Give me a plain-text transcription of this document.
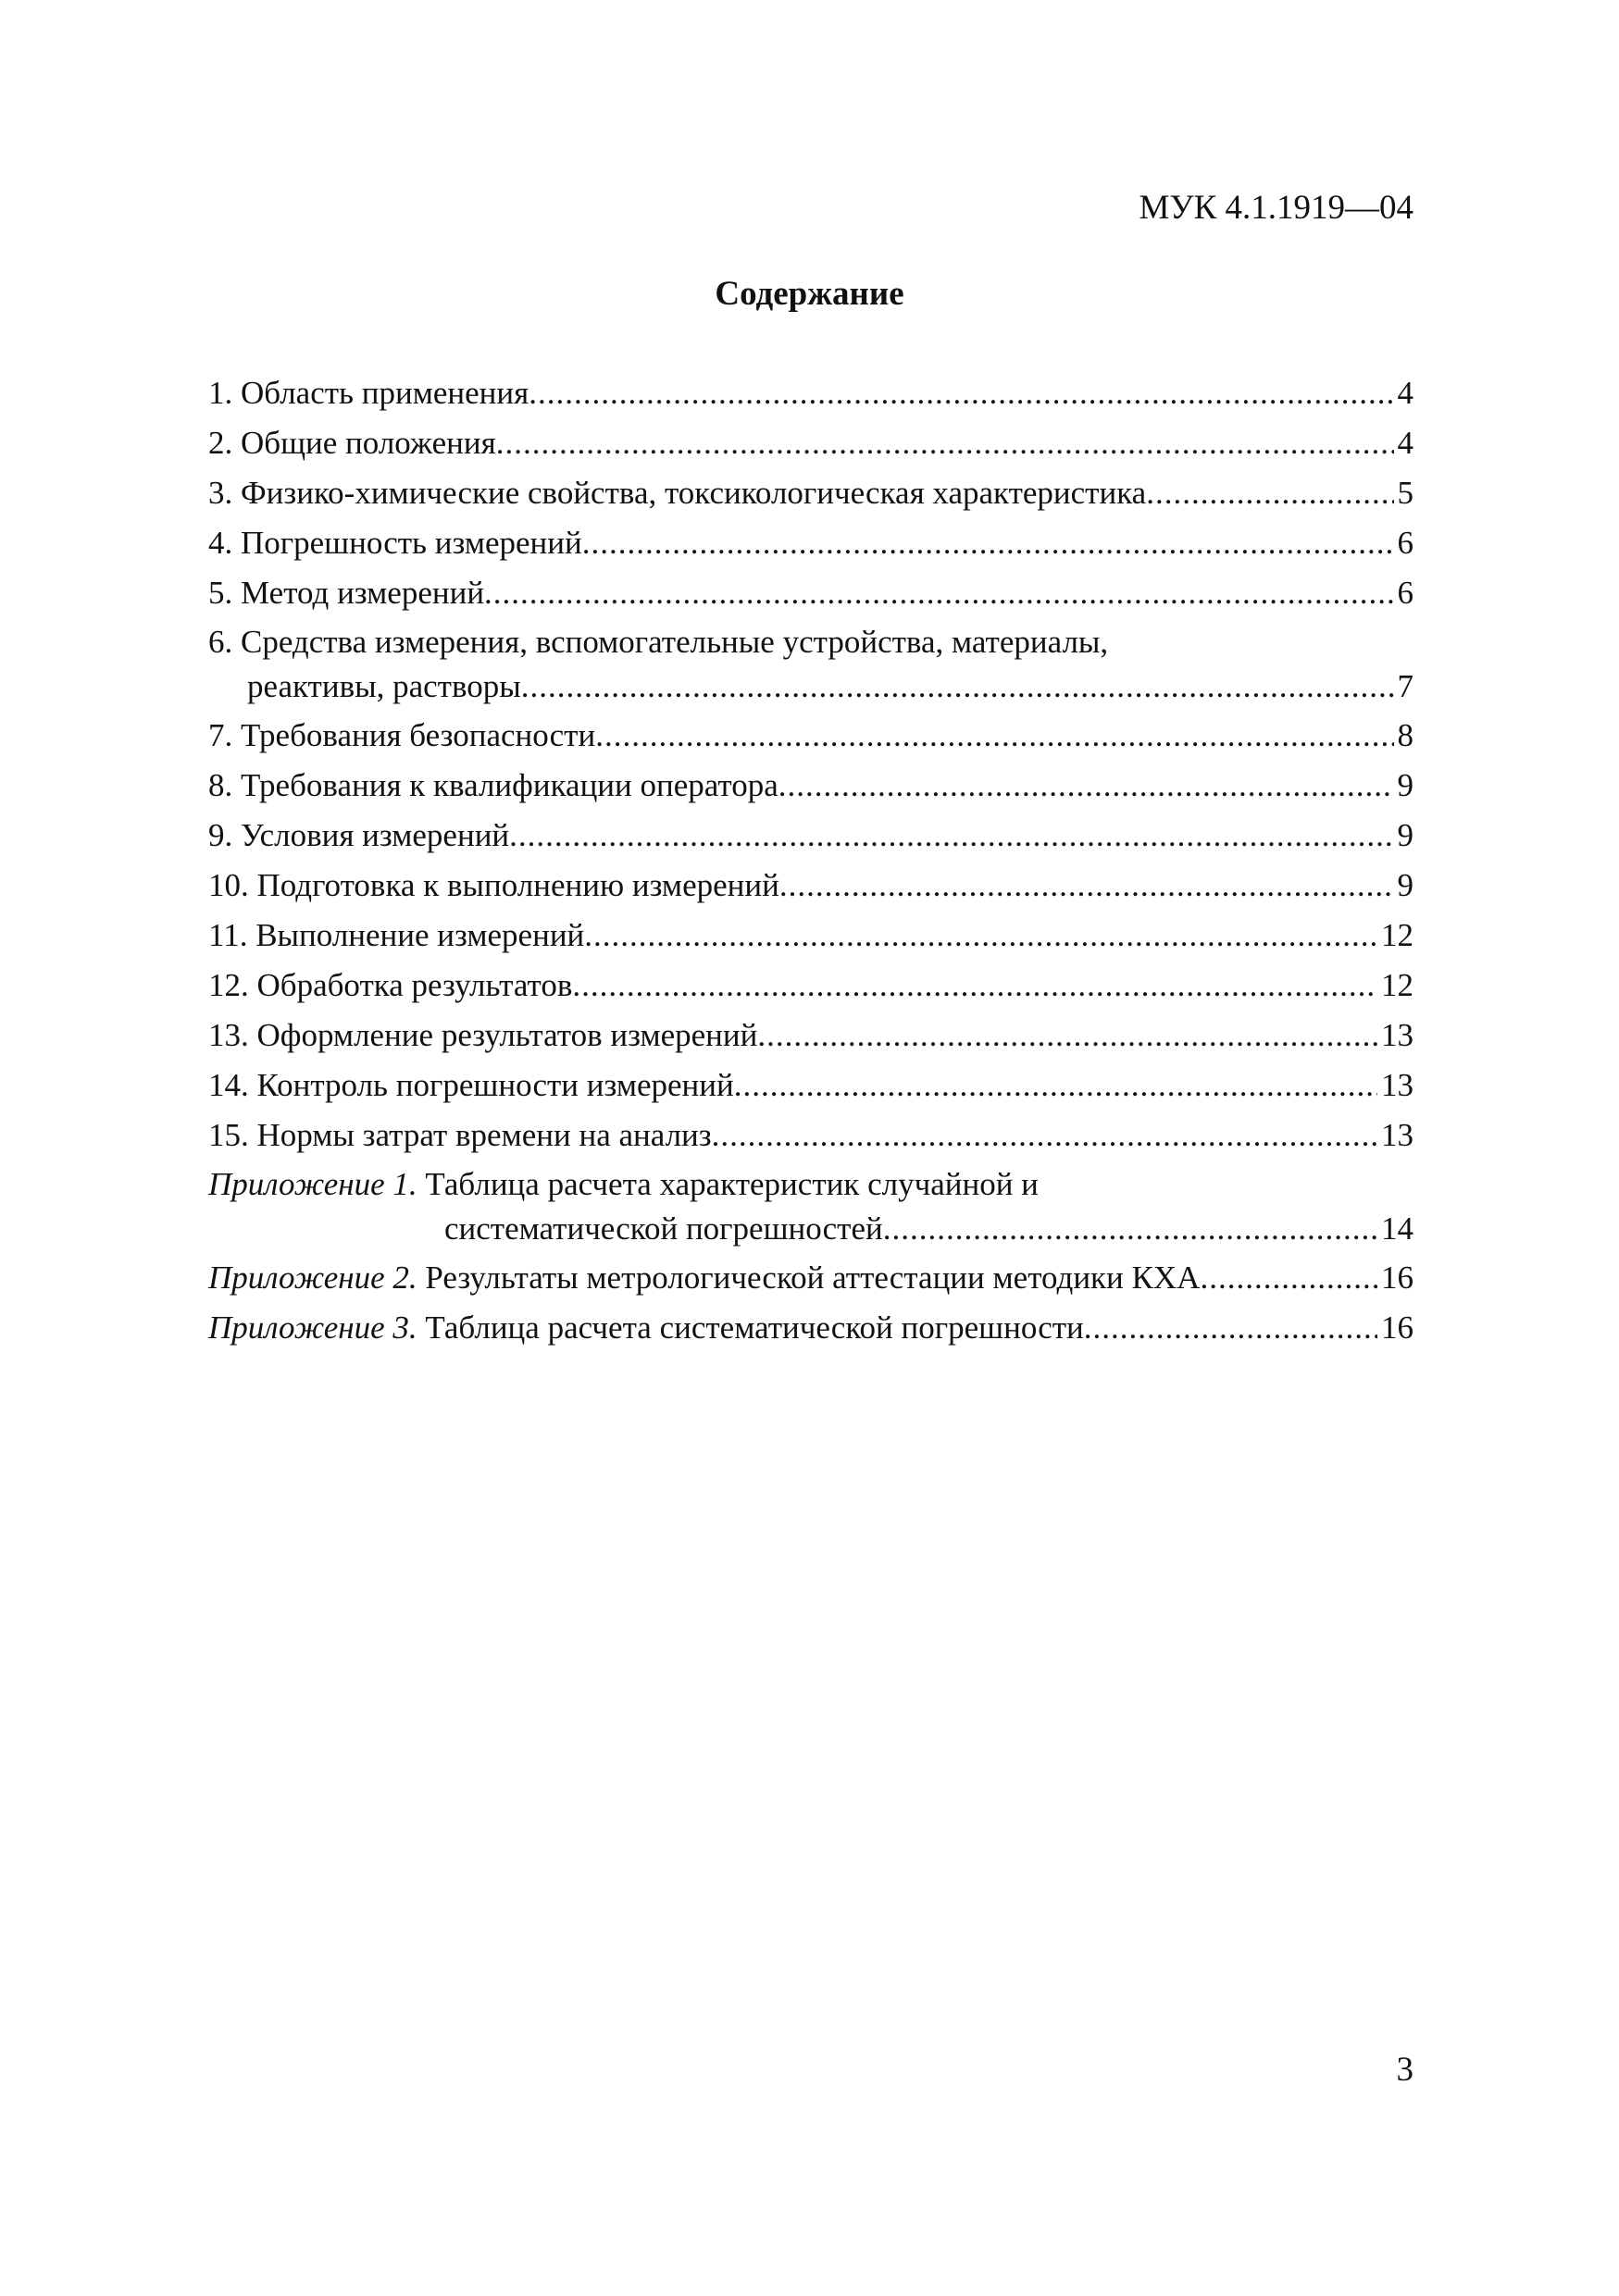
МУК 4.1.1919—04
Содержание
1. Область применения .....	4
2. Общие положения .....	4
3. Физико-химические свойства, токсикологическая характеристика .....	5
4. Погрешность измерений .....	6
5. Метод измерений .....	6
6. Средства измерения, вспомогательные устройства, материалы,
реактивы, растворы .....	7
7. Требования безопасности .....	8
8. Требования к квалификации оператора .....	9
9. Условия измерений .....	9
10. Подготовка к выполнению измерений .....	9
11. Выполнение измерений .....	12
12. Обработка результатов .....	12
13. Оформление результатов измерений .....	13
14. Контроль погрешности измерений .....	13
15. Нормы затрат времени на анализ .....	13
Приложение 1. Таблица расчета характеристик случайной и
систематической погрешностей .....	14
Приложение 2. Результаты метрологической аттестации методики КХА .....	16
Приложение 3. Таблица расчета систематической погрешности .....	16
3
